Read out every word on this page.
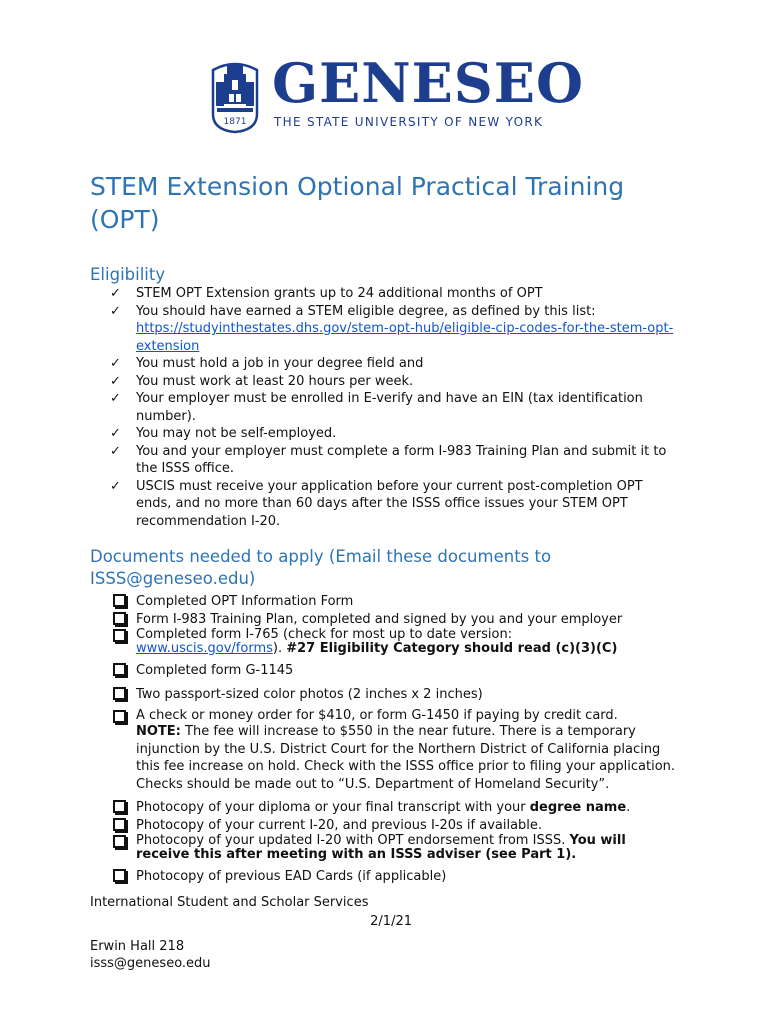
1871
GENESEO
THE STATE UNIVERSITY OF NEW YORK
STEM Extension Optional Practical Training (OPT)
Eligibility
✓ STEM OPT Extension grants up to 24 additional months of OPT
✓ You should have earned a STEM eligible degree, as defined by this list:
https://studyinthestates.dhs.gov/stem-opt-hub/eligible-cip-codes-for-the-stem-opt-extension
✓ You must hold a job in your degree field and
✓ You must work at least 20 hours per week.
✓ Your employer must be enrolled in E-verify and have an EIN (tax identification number).
✓ You may not be self-employed.
✓ You and your employer must complete a form I-983 Training Plan and submit it to the ISSS office.
✓ USCIS must receive your application before your current post-completion OPT ends, and no more than 60 days after the ISSS office issues your STEM OPT recommendation I-20.
Documents needed to apply (Email these documents to ISSS@geneseo.edu)
Completed OPT Information Form
Form I-983 Training Plan, completed and signed by you and your employer
Completed form I-765 (check for most up to date version:
www.uscis.gov/forms). #27 Eligibility Category should read (c)(3)(C)
Completed form G-1145
Two passport-sized color photos (2 inches x 2 inches)
A check or money order for $410, or form G-1450 if paying by credit card.
NOTE: The fee will increase to $550 in the near future. There is a temporary injunction by the U.S. District Court for the Northern District of California placing this fee increase on hold. Check with the ISSS office prior to filing your application. Checks should be made out to “U.S. Department of Homeland Security”.
Photocopy of your diploma or your final transcript with your degree name.
Photocopy of your current I-20, and previous I-20s if available.
Photocopy of your updated I-20 with OPT endorsement from ISSS. You will receive this after meeting with an ISSS adviser (see Part 1).
Photocopy of previous EAD Cards (if applicable)
International Student and Scholar Services
2/1/21
Erwin Hall 218
isss@geneseo.edu
